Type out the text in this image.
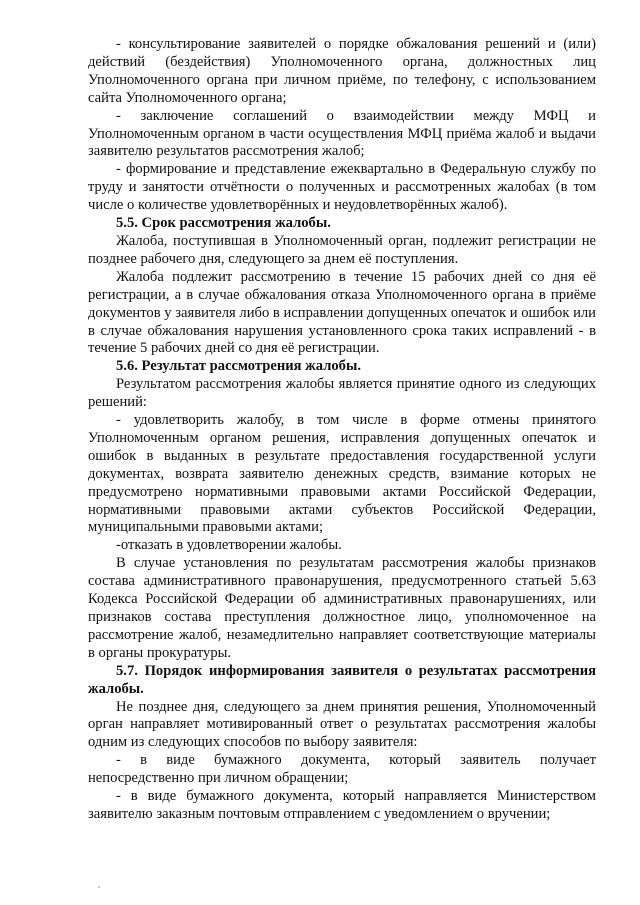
- консультирование заявителей о порядке обжалования решений и (или) действий (бездействия) Уполномоченного органа, должностных лиц Уполномоченного органа при личном приёме, по телефону, с использованием сайта Уполномоченного органа;

- заключение соглашений о взаимодействии между МФЦ и Уполномоченным органом в части осуществления МФЦ приёма жалоб и выдачи заявителю результатов рассмотрения жалоб;

- формирование и представление ежеквартально в Федеральную службу по труду и занятости отчётности о полученных и рассмотренных жалобах (в том числе о количестве удовлетворённых и неудовлетворённых жалоб).

5.5. Срок рассмотрения жалобы.

Жалоба, поступившая в Уполномоченный орган, подлежит регистрации не позднее рабочего дня, следующего за днем её поступления.

Жалоба подлежит рассмотрению в течение 15 рабочих дней со дня её регистрации, а в случае обжалования отказа Уполномоченного органа в приёме документов у заявителя либо в исправлении допущенных опечаток и ошибок или в случае обжалования нарушения установленного срока таких исправлений - в течение 5 рабочих дней со дня её регистрации.

5.6. Результат рассмотрения жалобы.

Результатом рассмотрения жалобы является принятие одного из следующих решений:

- удовлетворить жалобу, в том числе в форме отмены принятого Уполномоченным органом решения, исправления допущенных опечаток и ошибок в выданных в результате предоставления государственной услуги документах, возврата заявителю денежных средств, взимание которых не предусмотрено нормативными правовыми актами Российской Федерации, нормативными правовыми актами субъектов Российской Федерации, муниципальными правовыми актами;

-отказать в удовлетворении жалобы.

В случае установления по результатам рассмотрения жалобы признаков состава административного правонарушения, предусмотренного статьей 5.63 Кодекса Российской Федерации об административных правонарушениях, или признаков состава преступления должностное лицо, уполномоченное на рассмотрение жалоб, незамедлительно направляет соответствующие материалы в органы прокуратуры.

5.7. Порядок информирования заявителя о результатах рассмотрения жалобы.

Не позднее дня, следующего за днем принятия решения, Уполномоченный орган направляет мотивированный ответ о результатах рассмотрения жалобы одним из следующих способов по выбору заявителя:

- в виде бумажного документа, который заявитель получает непосредственно при личном обращении;

- в виде бумажного документа, который направляется Министерством заявителю заказным почтовым отправлением с уведомлением о вручении;
